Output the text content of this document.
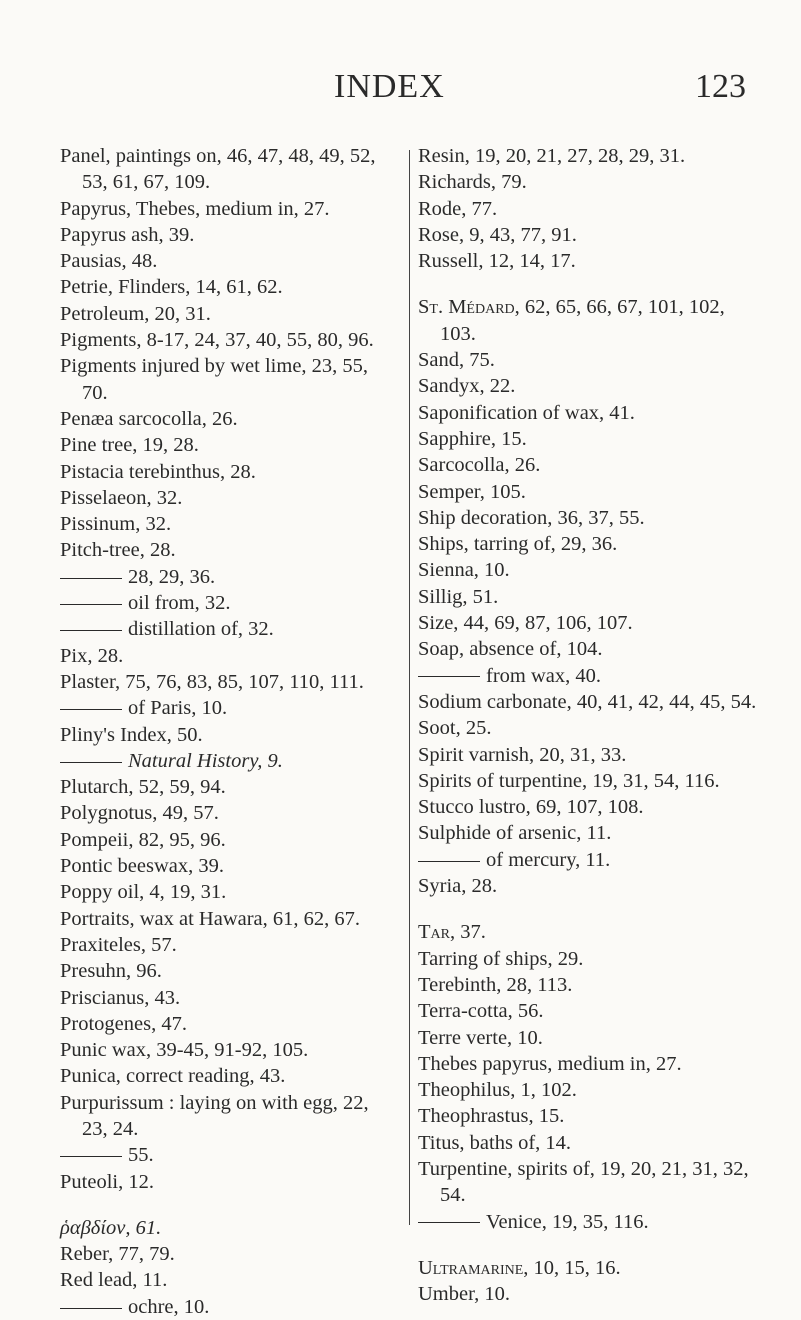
INDEX	123
Panel, paintings on, 46, 47, 48, 49, 52, 53, 61, 67, 109.
Papyrus, Thebes, medium in, 27.
Papyrus ash, 39.
Pausias, 48.
Petrie, Flinders, 14, 61, 62.
Petroleum, 20, 31.
Pigments, 8-17, 24, 37, 40, 55, 80, 96.
Pigments injured by wet lime, 23, 55, 70.
Penæa sarcocolla, 26.
Pine tree, 19, 28.
Pistacia terebinthus, 28.
Pisselaeon, 32.
Pissinum, 32.
Pitch-tree, 28.
28, 29, 36.
oil from, 32.
distillation of, 32.
Pix, 28.
Plaster, 75, 76, 83, 85, 107, 110, 111.
of Paris, 10.
Pliny's Index, 50.
Natural History, 9.
Plutarch, 52, 59, 94.
Polygnotus, 49, 57.
Pompeii, 82, 95, 96.
Pontic beeswax, 39.
Poppy oil, 4, 19, 31.
Portraits, wax at Hawara, 61, 62, 67.
Praxiteles, 57.
Presuhn, 96.
Priscianus, 43.
Protogenes, 47.
Punic wax, 39-45, 91-92, 105.
Punica, correct reading, 43.
Purpurissum : laying on with egg, 22, 23, 24.
55.
Puteoli, 12.
ῥαβδίον, 61.
Reber, 77, 79.
Red lead, 11.
ochre, 10.
Resin, 19, 20, 21, 27, 28, 29, 31.
Richards, 79.
Rode, 77.
Rose, 9, 43, 77, 91.
Russell, 12, 14, 17.
St. Médard, 62, 65, 66, 67, 101, 102, 103.
Sand, 75.
Sandyx, 22.
Saponification of wax, 41.
Sapphire, 15.
Sarcocolla, 26.
Semper, 105.
Ship decoration, 36, 37, 55.
Ships, tarring of, 29, 36.
Sienna, 10.
Sillig, 51.
Size, 44, 69, 87, 106, 107.
Soap, absence of, 104.
from wax, 40.
Sodium carbonate, 40, 41, 42, 44, 45, 54.
Soot, 25.
Spirit varnish, 20, 31, 33.
Spirits of turpentine, 19, 31, 54, 116.
Stucco lustro, 69, 107, 108.
Sulphide of arsenic, 11.
of mercury, 11.
Syria, 28.
Tar, 37.
Tarring of ships, 29.
Terebinth, 28, 113.
Terra-cotta, 56.
Terre verte, 10.
Thebes papyrus, medium in, 27.
Theophilus, 1, 102.
Theophrastus, 15.
Titus, baths of, 14.
Turpentine, spirits of, 19, 20, 21, 31, 32, 54.
Venice, 19, 35, 116.
Ultramarine, 10, 15, 16.
Umber, 10.
